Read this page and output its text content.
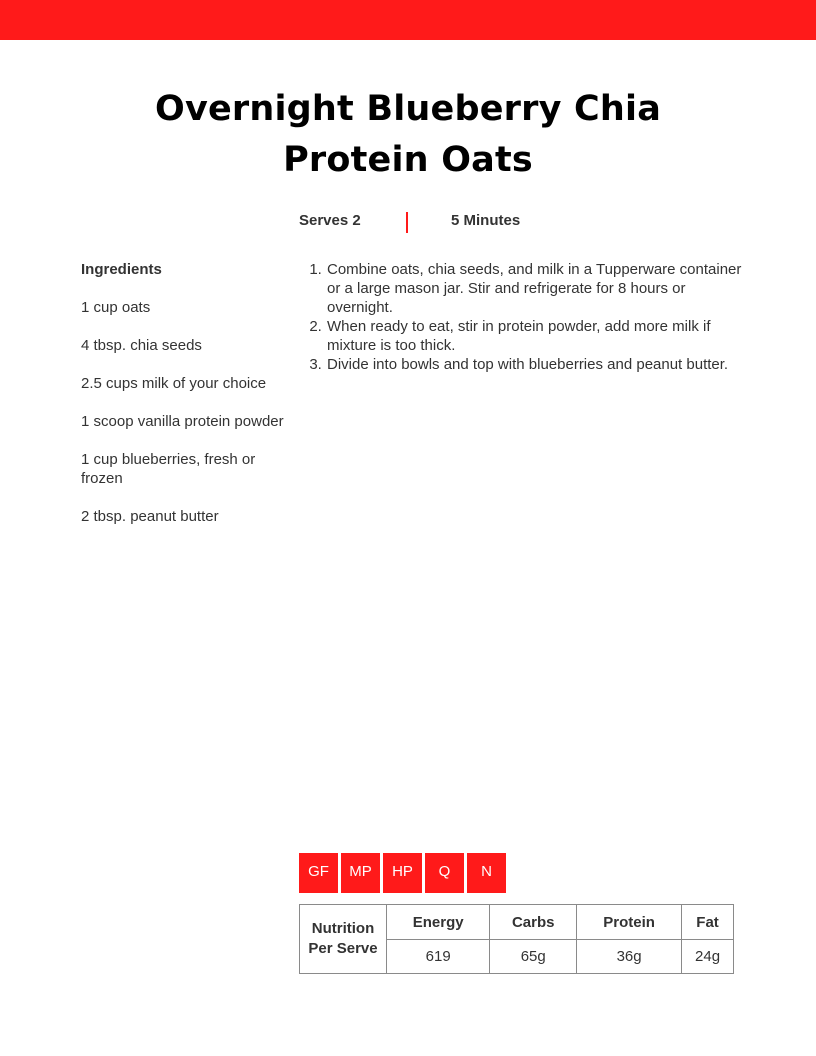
Overnight Blueberry Chia
Protein Oats
Serves 2	5 Minutes
Ingredients
1 cup oats
4 tbsp. chia seeds
2.5 cups milk of your choice
1 scoop vanilla protein powder
1 cup blueberries, fresh or frozen
2 tbsp. peanut butter
1. Combine oats, chia seeds, and milk in a Tupperware container or a large mason jar. Stir and refrigerate for 8 hours or overnight.
2. When ready to eat, stir in protein powder, add more milk if mixture is too thick.
3. Divide into bowls and top with blueberries and peanut butter.
GF	MP	HP	Q	N
Nutrition
Per Serve	Energy	Carbs	Protein	Fat
	619	65g	36g	24g
